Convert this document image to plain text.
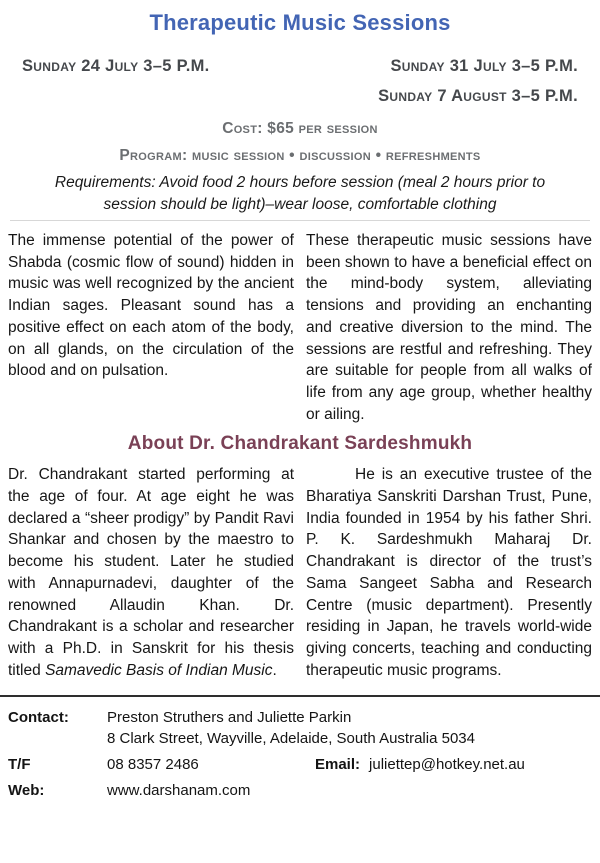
Therapeutic Music Sessions
Sunday 24 July 3–5 P.M.	Sunday 31 July 3–5 P.M.
Sunday 7 August 3–5 P.M.
Cost: $65 per session
Program: music session • discussion • refreshments
Requirements: Avoid food 2 hours before session (meal 2 hours prior to session should be light)–wear loose, comfortable clothing

The immense potential of the power of Shabda (cosmic flow of sound) hidden in music was well recognized by the ancient Indian sages. Pleasant sound has a positive effect on each atom of the body, on all glands, on the circulation of the blood and on pulsation.

These therapeutic music sessions have been shown to have a beneficial effect on the mind-body system, alleviating tensions and providing an enchanting and creative diversion to the mind. The sessions are restful and refreshing. They are suitable for people from all walks of life from any age group, whether healthy or ailing.

About Dr. Chandrakant Sardeshmukh

Dr. Chandrakant started performing at the age of four. At age eight he was declared a “sheer prodigy” by Pandit Ravi Shankar and chosen by the maestro to become his student. Later he studied with Annapurnadevi, daughter of the renowned Allaudin Khan. Dr. Chandrakant is a scholar and researcher with a Ph.D. in Sanskrit for his thesis titled Samavedic Basis of Indian Music.

He is an executive trustee of the Bharatiya Sanskriti Darshan Trust, Pune, India founded in 1954 by his father Shri. P. K. Sardeshmukh Maharaj Dr. Chandrakant is director of the trust’s Sama Sangeet Sabha and Research Centre (music department). Presently residing in Japan, he travels world-wide giving concerts, teaching and conducting therapeutic music programs.

Contact:	Preston Struthers and Juliette Parkin
8 Clark Street, Wayville, Adelaide, South Australia 5034
T/F	08 8357 2486	Email: juliettep@hotkey.net.au
Web:	www.darshanam.com
